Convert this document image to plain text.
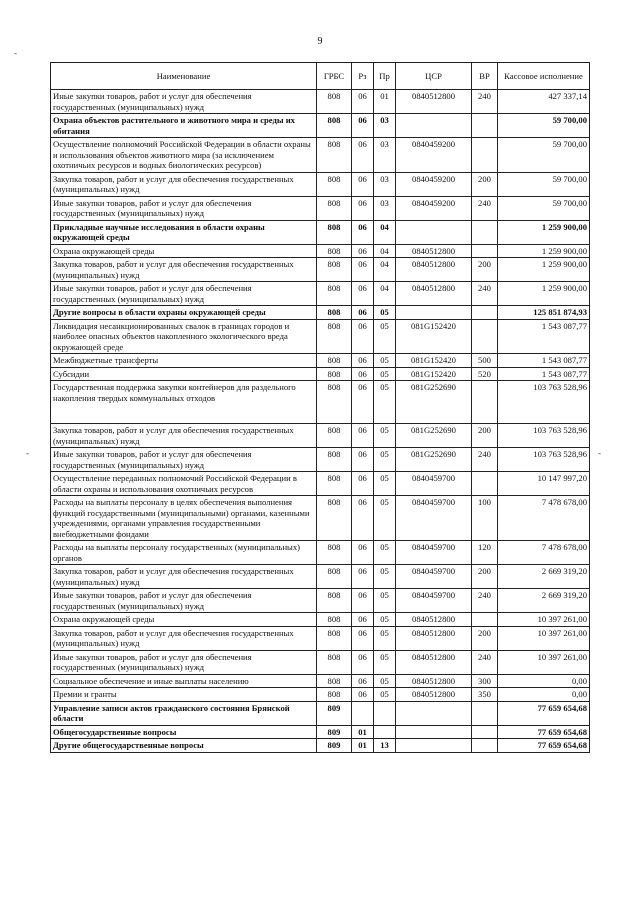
9
-
-	-
Наименование	ГРБС	Рз	Пр	ЦСР	ВР	Кассовое исполнение
Иные закупки товаров, работ и услуг для обеспечения государственных (муниципальных) нужд	808	06	01	0840512800	240	427 337,14
Охрана объектов растительного и животного мира и среды их обитания	808	06	03			59 700,00
Осуществление полномочий Российской Федерации в области охраны и использования объектов животного мира (за исключением охотничьих ресурсов и водных биологических ресурсов)	808	06	03	0840459200		59 700,00
Закупка товаров, работ и услуг для обеспечения государственных (муниципальных) нужд	808	06	03	0840459200	200	59 700,00
Иные закупки товаров, работ и услуг для обеспечения государственных (муниципальных) нужд	808	06	03	0840459200	240	59 700,00
Прикладные научные исследования в области охраны окружающей среды	808	06	04			1 259 900,00
Охрана окружающей среды	808	06	04	0840512800		1 259 900,00
Закупка товаров, работ и услуг для обеспечения государственных (муниципальных) нужд	808	06	04	0840512800	200	1 259 900,00
Иные закупки товаров, работ и услуг для обеспечения государственных (муниципальных) нужд	808	06	04	0840512800	240	1 259 900,00
Другие вопросы в области охраны окружающей среды	808	06	05			125 851 874,93
Ликвидация несанкционированных свалок в границах городов и наиболее опасных объектов накопленного экологического вреда окружающей среде	808	06	05	081G152420		1 543 087,77
Межбюджетные трансферты	808	06	05	081G152420	500	1 543 087,77
Субсидии	808	06	05	081G152420	520	1 543 087,77
Государственная поддержка закупки контейнеров для раздельного накопления твердых коммунальных отходов	808	06	05	081G252690		103 763 528,96
Закупка товаров, работ и услуг для обеспечения государственных (муниципальных) нужд	808	06	05	081G252690	200	103 763 528,96
Иные закупки товаров, работ и услуг для обеспечения государственных (муниципальных) нужд	808	06	05	081G252690	240	103 763 528,96
Осуществление переданных полномочий Российской Федерации в области охраны и использования охотничьих ресурсов	808	06	05	0840459700		10 147 997,20
Расходы на выплаты персоналу в целях обеспечения выполнения функций государственными (муниципальными) органами, казенными учреждениями, органами управления государственными внебюджетными фондами	808	06	05	0840459700	100	7 478 678,00
Расходы на выплаты персоналу государственных (муниципальных) органов	808	06	05	0840459700	120	7 478 678,00
Закупка товаров, работ и услуг для обеспечения государственных (муниципальных) нужд	808	06	05	0840459700	200	2 669 319,20
Иные закупки товаров, работ и услуг для обеспечения государственных (муниципальных) нужд	808	06	05	0840459700	240	2 669 319,20
Охрана окружающей среды	808	06	05	0840512800		10 397 261,00
Закупка товаров, работ и услуг для обеспечения государственных (муниципальных) нужд	808	06	05	0840512800	200	10 397 261,00
Иные закупки товаров, работ и услуг для обеспечения государственных (муниципальных) нужд	808	06	05	0840512800	240	10 397 261,00
Социальное обеспечение и иные выплаты населению	808	06	05	0840512800	300	0,00
Премии и гранты	808	06	05	0840512800	350	0,00
Управление записи актов гражданского состояния Брянской области	809					77 659 654,68
Общегосударственные вопросы	809	01				77 659 654,68
Другие общегосударственные вопросы	809	01	13			77 659 654,68
